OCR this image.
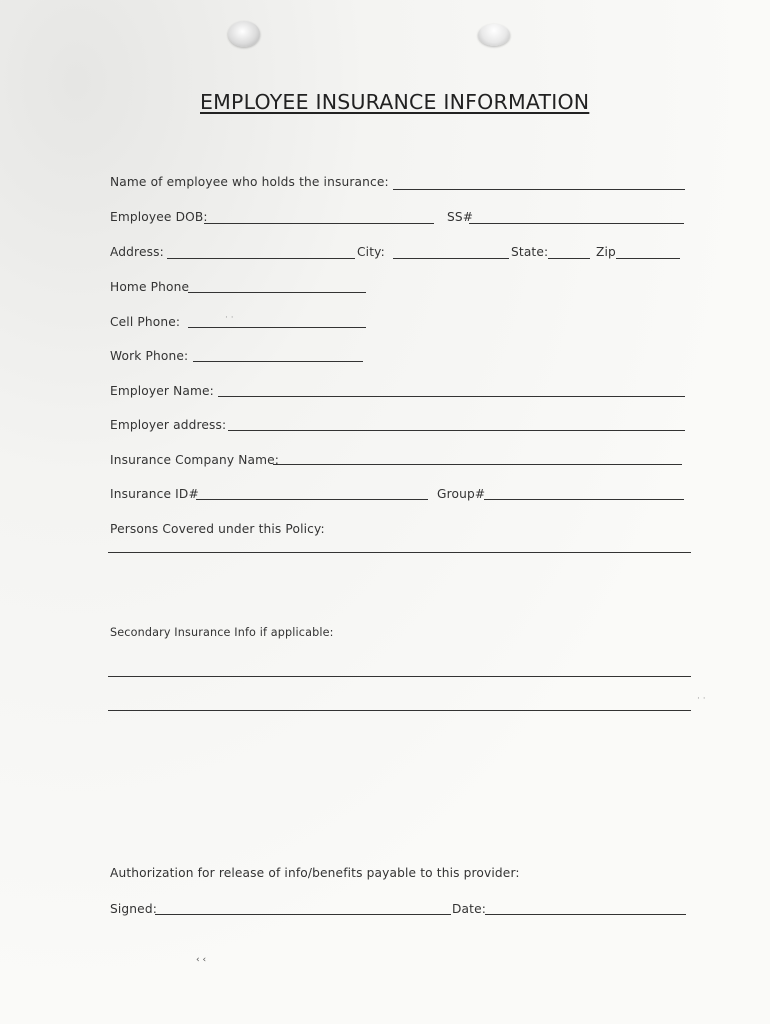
EMPLOYEE INSURANCE INFORMATION
Name of employee who holds the insurance:
Employee DOB:	SS#
Address:	City:	State:	Zip
Home Phone
Cell Phone:
Work Phone:
Employer Name:
Employer address:
Insurance Company Name:
Insurance ID#	Group#
Persons Covered under this Policy:
Secondary Insurance Info if applicable:
Authorization for release of info/benefits payable to this provider:
Signed:	Date:
· ·
· ·
‹ ‹
